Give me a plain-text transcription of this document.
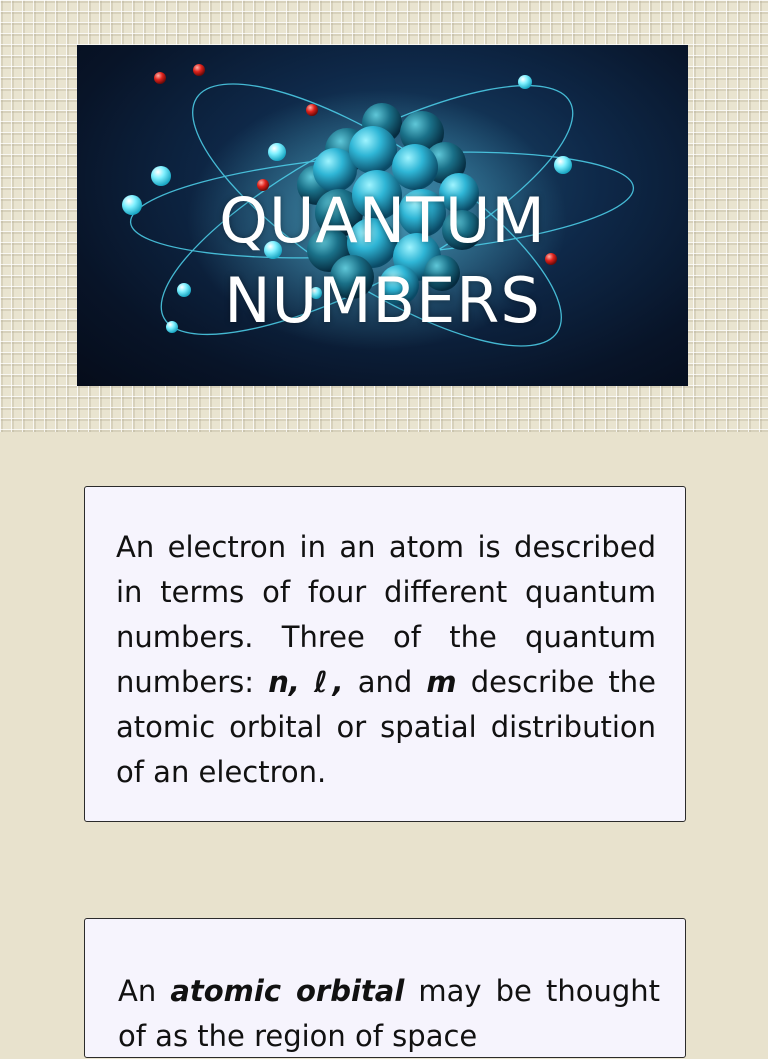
QUANTUM
NUMBERS
An electron in an atom is described in terms of four different quantum numbers. Three of the quantum numbers: n, ℓ, and m describe the atomic orbital or spatial distribution of an electron.
An atomic orbital may be thought of as the region of space
